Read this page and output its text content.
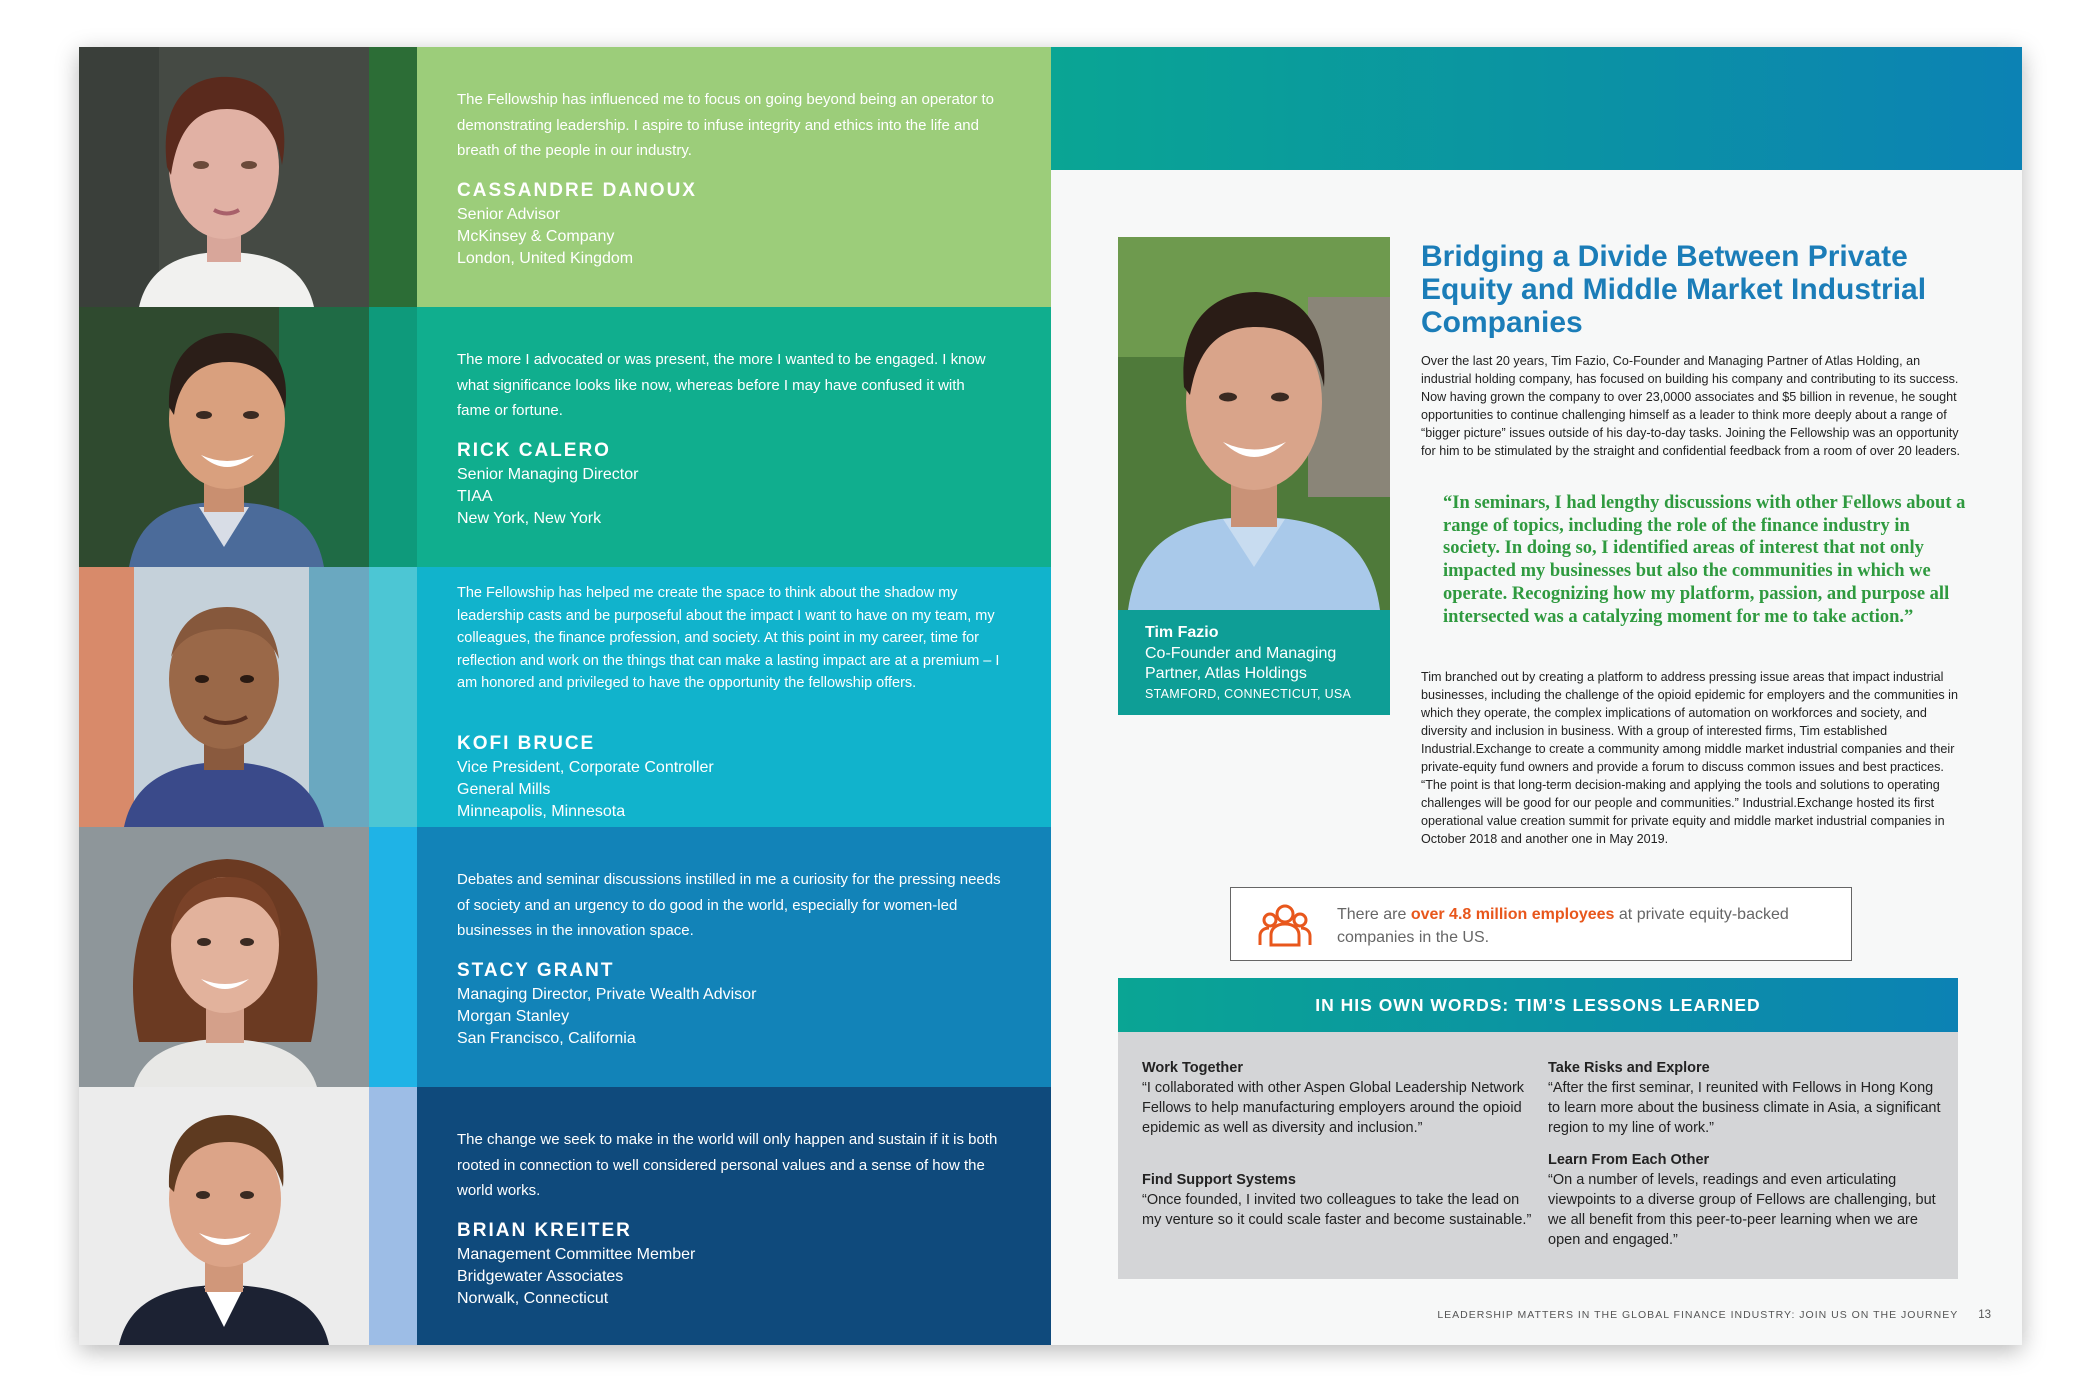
The Fellowship has influenced me to focus on going beyond being an operator to demonstrating leadership. I aspire to infuse integrity and ethics into the life and breath of the people in our industry.
CASSANDRE DANOUX
Senior Advisor
McKinsey & Company
London, United Kingdom
The more I advocated or was present, the more I wanted to be engaged. I know what significance looks like now, whereas before I may have confused it with fame or fortune.
RICK CALERO
Senior Managing Director
TIAA
New York, New York
The Fellowship has helped me create the space to think about the shadow my leadership casts and be purposeful about the impact I want to have on my team, my colleagues, the finance profession, and society. At this point in my career, time for reflection and work on the things that can make a lasting impact are at a premium – I am honored and privileged to have the opportunity the fellowship offers.
KOFI BRUCE
Vice President, Corporate Controller
General Mills
Minneapolis, Minnesota
Debates and seminar discussions instilled in me a curiosity for the pressing needs of society and an urgency to do good in the world, especially for women-led businesses in the innovation space.
STACY GRANT
Managing Director, Private Wealth Advisor
Morgan Stanley
San Francisco, California
The change we seek to make in the world will only happen and sustain if it is both rooted in connection to well considered personal values and a sense of how the world works.
BRIAN KREITER
Management Committee Member
Bridgewater Associates
Norwalk, Connecticut
Tim Fazio
Co-Founder and Managing Partner, Atlas Holdings
STAMFORD, CONNECTICUT, USA
Bridging a Divide Between Private Equity and Middle Market Industrial Companies
Over the last 20 years, Tim Fazio, Co-Founder and Managing Partner of Atlas Holding, an industrial holding company, has focused on building his company and contributing to its success. Now having grown the company to over 23,0000 associates and $5 billion in revenue, he sought opportunities to continue challenging himself as a leader to think more deeply about a range of “bigger picture” issues outside of his day-to-day tasks. Joining the Fellowship was an opportunity for him to be stimulated by the straight and confidential feedback from a room of over 20 leaders.
“In seminars, I had lengthy discussions with other Fellows about a range of topics, including the role of the finance industry in society. In doing so, I identified areas of interest that not only impacted my businesses but also the communities in which we operate. Recognizing how my platform, passion, and purpose all intersected was a catalyzing moment for me to take action.”
Tim branched out by creating a platform to address pressing issue areas that impact industrial businesses, including the challenge of the opioid epidemic for employers and the communities in which they operate, the complex implications of automation on workforces and society, and diversity and inclusion in business. With a group of interested firms, Tim established Industrial.Exchange to create a community among middle market industrial companies and their private-equity fund owners and provide a forum to discuss common issues and best practices. “The point is that long-term decision-making and applying the tools and solutions to operating challenges will be good for our people and communities.” Industrial.Exchange hosted its first operational value creation summit for private equity and middle market industrial companies in October 2018 and another one in May 2019.
There are over 4.8 million employees at private equity-backed companies in the US.
IN HIS OWN WORDS: TIM’S LESSONS LEARNED
Work Together
“I collaborated with other Aspen Global Leadership Network Fellows to help manufacturing employers around the opioid epidemic as well as diversity and inclusion.”
Find Support Systems
“Once founded, I invited two colleagues to take the lead on my venture so it could scale faster and become sustainable.”
Take Risks and Explore
“After the first seminar, I reunited with Fellows in Hong Kong to learn more about the business climate in Asia, a significant region to my line of work.”
Learn From Each Other
“On a number of levels, readings and even articulating viewpoints to a diverse group of Fellows are challenging, but we all benefit from this peer-to-peer learning when we are open and engaged.”
LEADERSHIP MATTERS IN THE GLOBAL FINANCE INDUSTRY: JOIN US ON THE JOURNEY 13
